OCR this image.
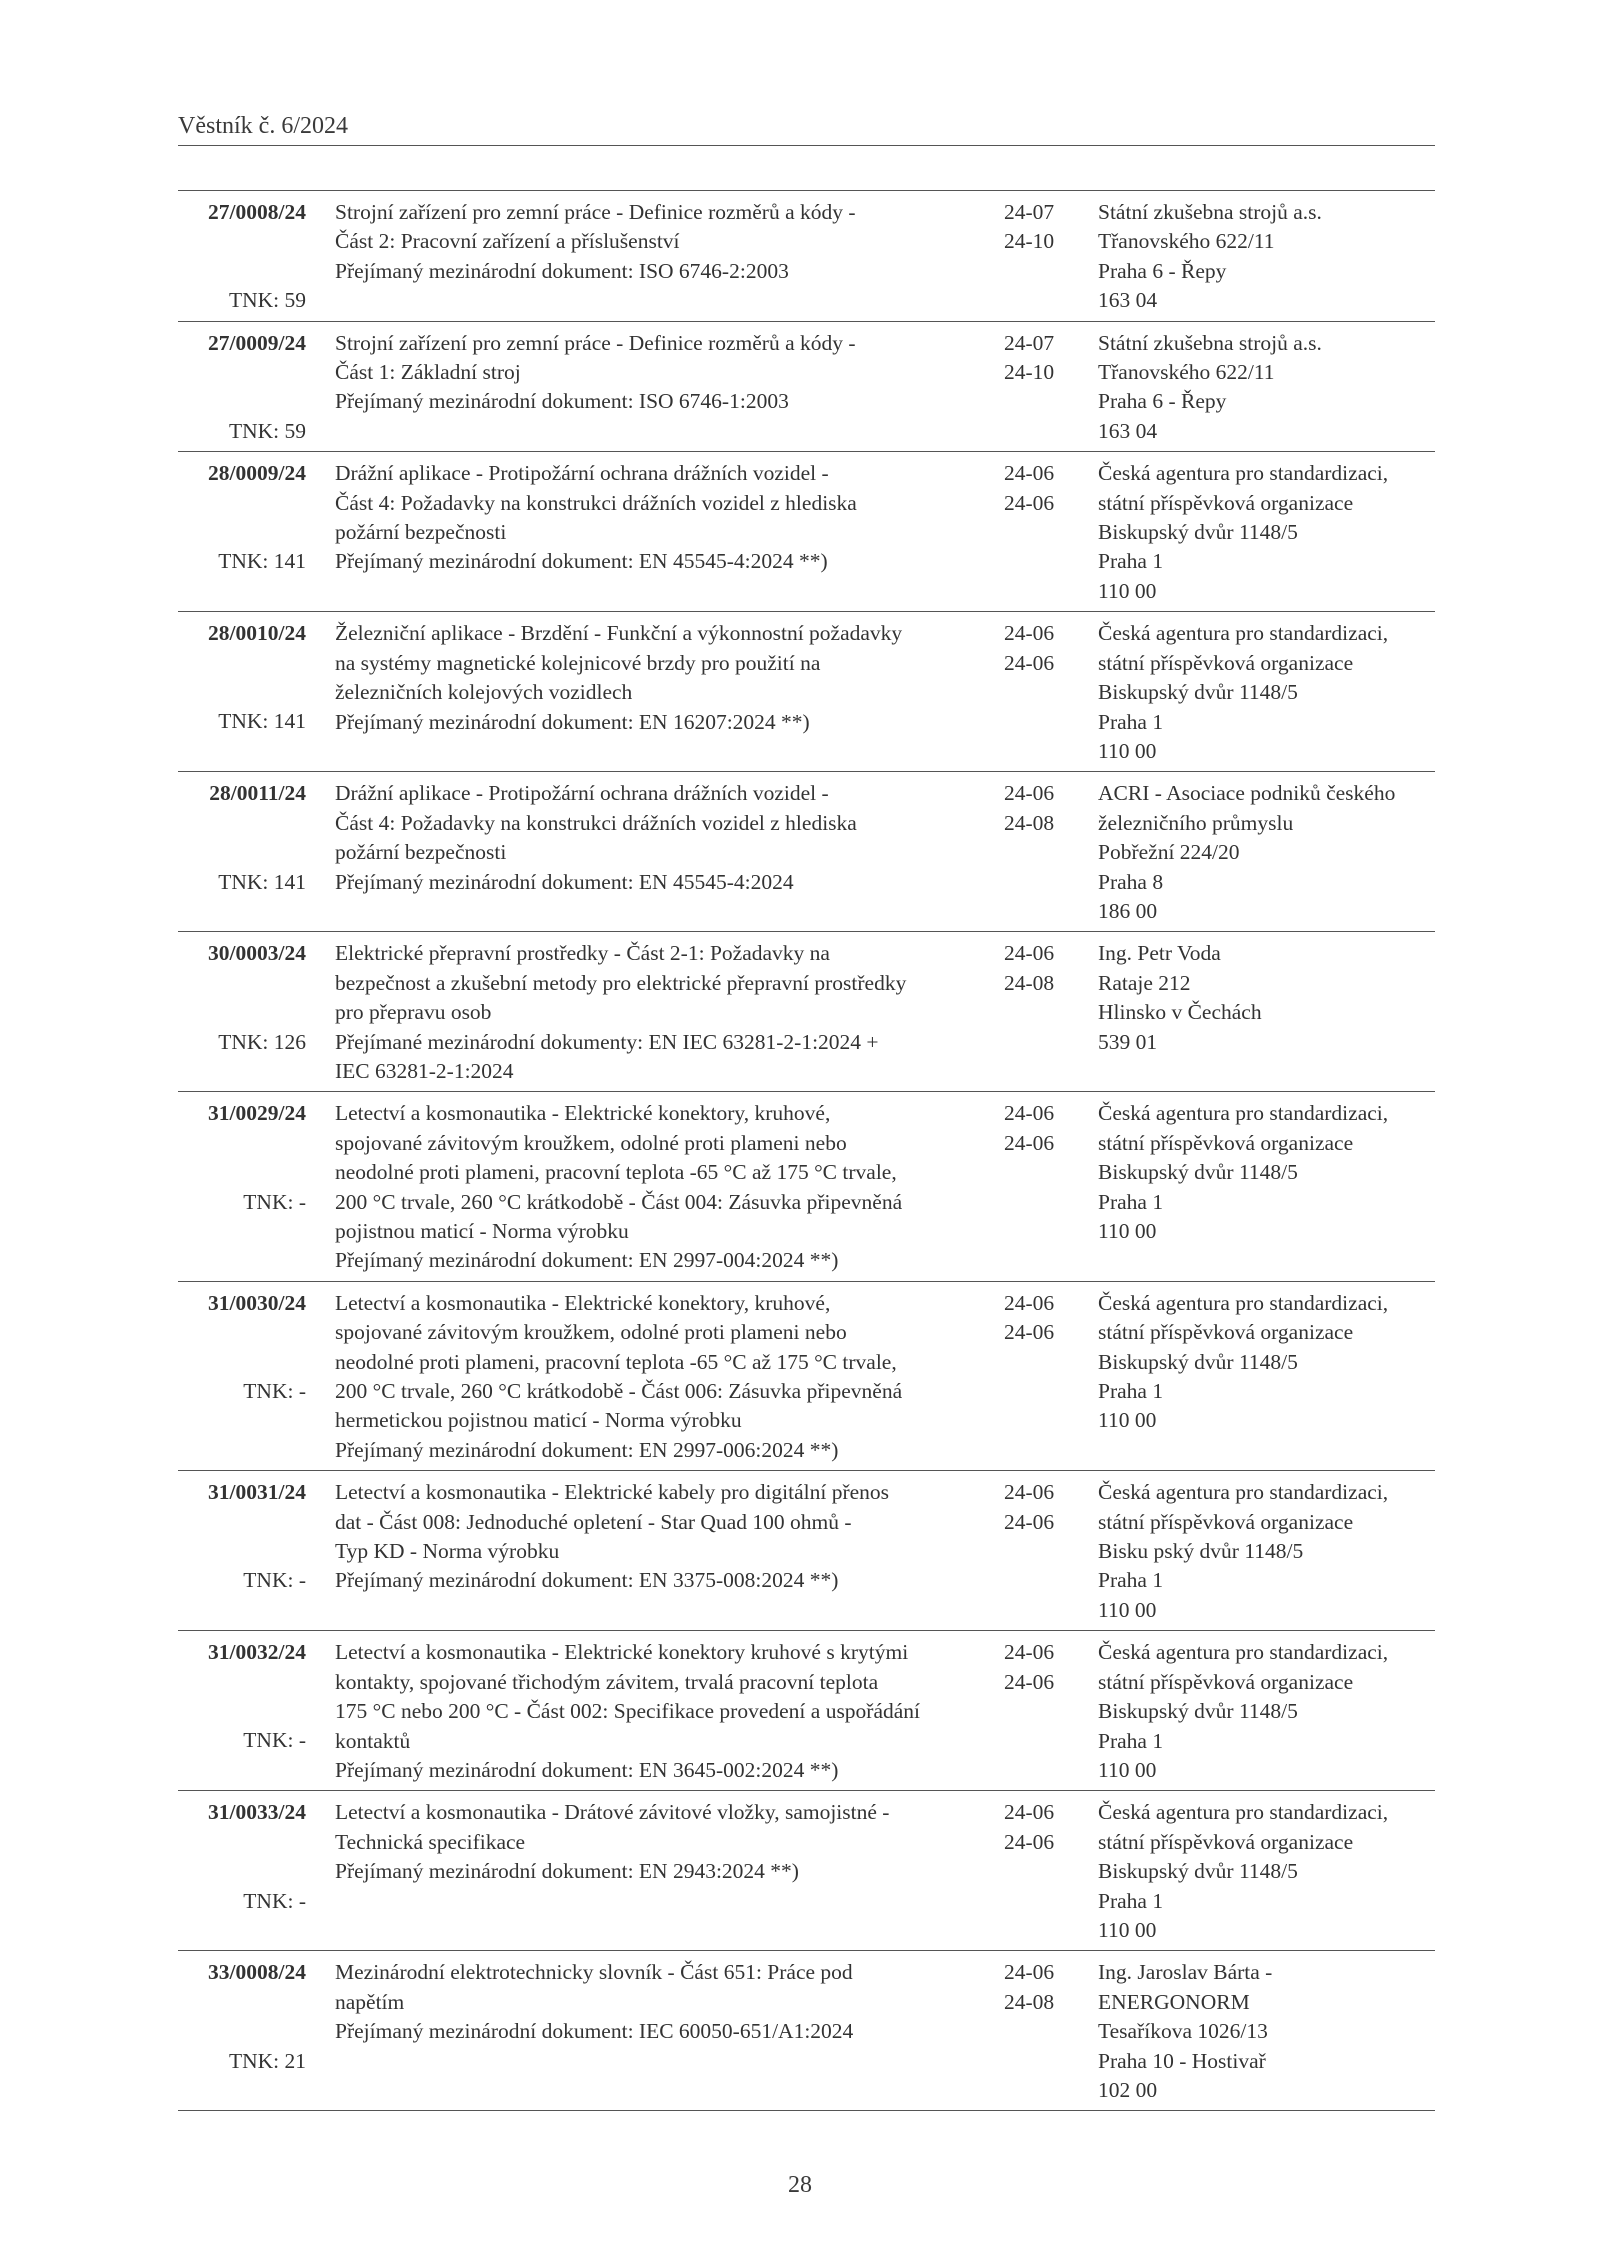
Věstník č. 6/2024
27/0008/24
TNK: 59
Strojní zařízení pro zemní práce - Definice rozměrů a kódy -
Část 2: Pracovní zařízení a příslušenství
Přejímaný mezinárodní dokument: ISO 6746-2:2003

24-07
24-10
Státní zkušebna strojů a.s.
Třanovského 622/11
Praha 6 - Řepy
163 04
27/0009/24
TNK: 59
Strojní zařízení pro zemní práce - Definice rozměrů a kódy -
Část 1: Základní stroj
Přejímaný mezinárodní dokument: ISO 6746-1:2003

24-07
24-10
Státní zkušebna strojů a.s.
Třanovského 622/11
Praha 6 - Řepy
163 04
28/0009/24
TNK: 141
Drážní aplikace - Protipožární ochrana drážních vozidel -
Část 4: Požadavky na konstrukci drážních vozidel z hlediska
požární bezpečnosti
Přejímaný mezinárodní dokument: EN 45545-4:2024 **)

24-06
24-06
Česká agentura pro standardizaci,
státní příspěvková organizace
Biskupský dvůr 1148/5
Praha 1
110 00
28/0010/24
TNK: 141
Železniční aplikace - Brzdění - Funkční a výkonnostní požadavky
na systémy magnetické kolejnicové brzdy pro použití na
železničních kolejových vozidlech
Přejímaný mezinárodní dokument: EN 16207:2024 **)

24-06
24-06
Česká agentura pro standardizaci,
státní příspěvková organizace
Biskupský dvůr 1148/5
Praha 1
110 00
28/0011/24
TNK: 141
Drážní aplikace - Protipožární ochrana drážních vozidel -
Část 4: Požadavky na konstrukci drážních vozidel z hlediska
požární bezpečnosti
Přejímaný mezinárodní dokument: EN 45545-4:2024

24-06
24-08
ACRI - Asociace podniků českého
železničního průmyslu
Pobřežní 224/20
Praha 8
186 00
30/0003/24
TNK: 126
Elektrické přepravní prostředky - Část 2-1: Požadavky na
bezpečnost a zkušební metody pro elektrické přepravní prostředky
pro přepravu osob
Přejímané mezinárodní dokumenty: EN IEC 63281-2-1:2024 +
IEC 63281-2-1:2024
24-06
24-08
Ing. Petr Voda
Rataje 212
Hlinsko v Čechách
539 01
31/0029/24
TNK: -
Letectví a kosmonautika - Elektrické konektory, kruhové,
spojované závitovým kroužkem, odolné proti plameni nebo
neodolné proti plameni, pracovní teplota -65 °C až 175 °C trvale,
200 °C trvale, 260 °C krátkodobě - Část 004: Zásuvka připevněná
pojistnou maticí - Norma výrobku
Přejímaný mezinárodní dokument: EN 2997-004:2024 **)
24-06
24-06
Česká agentura pro standardizaci,
státní příspěvková organizace
Biskupský dvůr 1148/5
Praha 1
110 00
31/0030/24
TNK: -
Letectví a kosmonautika - Elektrické konektory, kruhové,
spojované závitovým kroužkem, odolné proti plameni nebo
neodolné proti plameni, pracovní teplota -65 °C až 175 °C trvale,
200 °C trvale, 260 °C krátkodobě - Část 006: Zásuvka připevněná
hermetickou pojistnou maticí - Norma výrobku
Přejímaný mezinárodní dokument: EN 2997-006:2024 **)
24-06
24-06
Česká agentura pro standardizaci,
státní příspěvková organizace
Biskupský dvůr 1148/5
Praha 1
110 00
31/0031/24
TNK: -
Letectví a kosmonautika - Elektrické kabely pro digitální přenos
dat - Část 008: Jednoduché opletení - Star Quad 100 ohmů -
Typ KD - Norma výrobku
Přejímaný mezinárodní dokument: EN 3375-008:2024 **)

24-06
24-06
Česká agentura pro standardizaci,
státní příspěvková organizace
Bisku pský dvůr 1148/5
Praha 1
110 00
31/0032/24
TNK: -
Letectví a kosmonautika - Elektrické konektory kruhové s krytými
kontakty, spojované třichodým závitem, trvalá pracovní teplota
175 °C nebo 200 °C - Část 002: Specifikace provedení a uspořádání
kontaktů
Přejímaný mezinárodní dokument: EN 3645-002:2024 **)
24-06
24-06
Česká agentura pro standardizaci,
státní příspěvková organizace
Biskupský dvůr 1148/5
Praha 1
110 00
31/0033/24
TNK: -
Letectví a kosmonautika - Drátové závitové vložky, samojistné -
Technická specifikace
Přejímaný mezinárodní dokument: EN 2943:2024 **)

24-06
24-06
Česká agentura pro standardizaci,
státní příspěvková organizace
Biskupský dvůr 1148/5
Praha 1
110 00
33/0008/24
TNK: 21
Mezinárodní elektrotechnicky slovník - Část 651: Práce pod
napětím
Přejímaný mezinárodní dokument: IEC 60050-651/A1:2024

24-06
24-08
Ing. Jaroslav Bárta -
ENERGONORM
Tesaříkova 1026/13
Praha 10 - Hostivař
102 00
28
